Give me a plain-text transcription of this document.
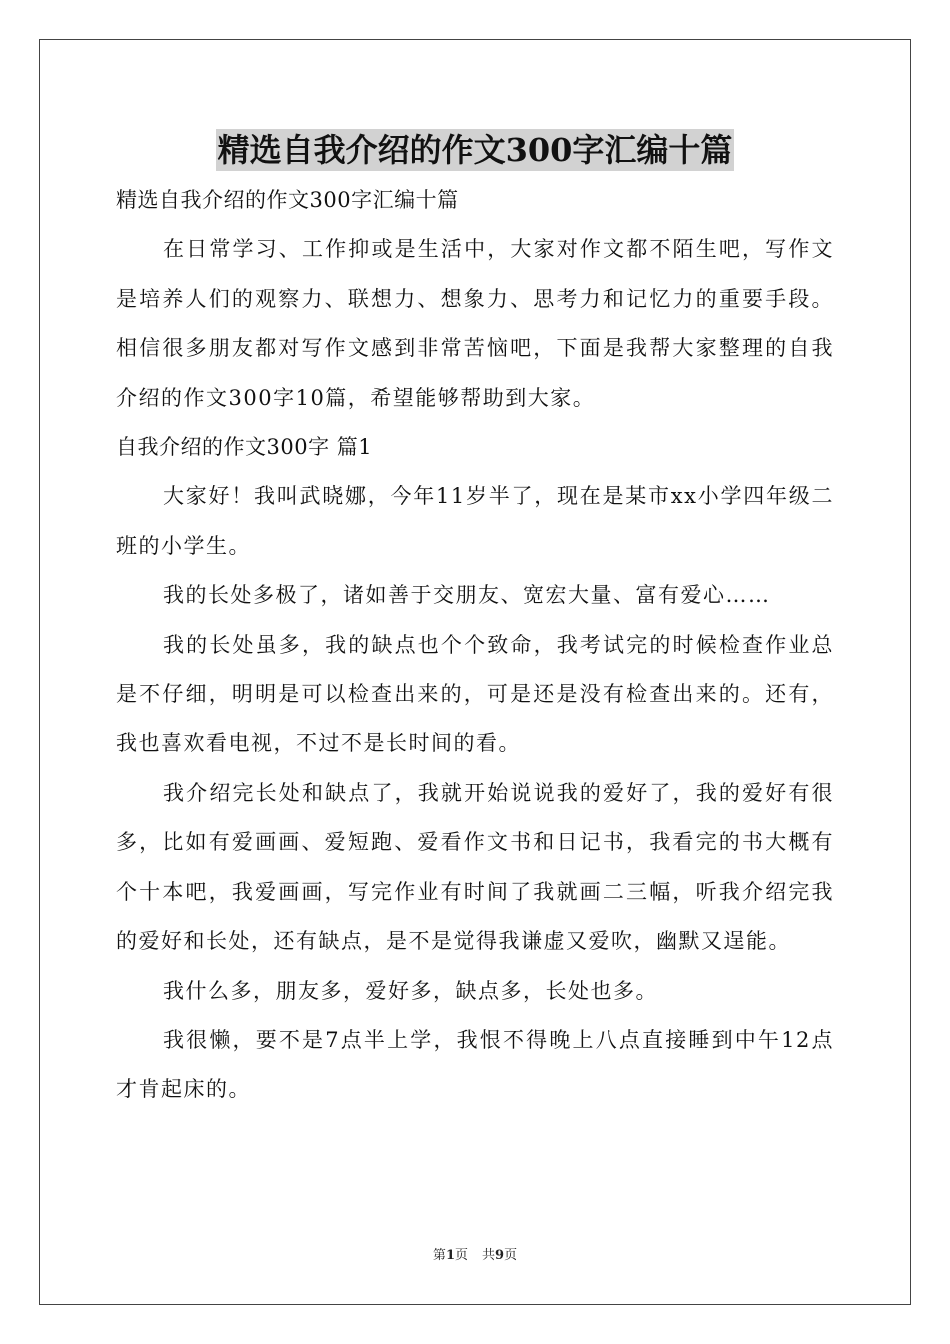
精选自我介绍的作文300字汇编十篇

精选自我介绍的作文300字汇编十篇

在日常学习、工作抑或是生活中，大家对作文都不陌生吧，写作文是培养人们的观察力、联想力、想象力、思考力和记忆力的重要手段。相信很多朋友都对写作文感到非常苦恼吧，下面是我帮大家整理的自我介绍的作文300字10篇，希望能够帮助到大家。

自我介绍的作文300字 篇1

大家好！我叫武晓娜，今年11岁半了，现在是某市xx小学四年级二班的小学生。

我的长处多极了，诸如善于交朋友、宽宏大量、富有爱心……

我的长处虽多，我的缺点也个个致命，我考试完的时候检查作业总是不仔细，明明是可以检查出来的，可是还是没有检查出来的。还有，我也喜欢看电视，不过不是长时间的看。

我介绍完长处和缺点了，我就开始说说我的爱好了，我的爱好有很多，比如有爱画画、爱短跑、爱看作文书和日记书，我看完的书大概有个十本吧，我爱画画，写完作业有时间了我就画二三幅，听我介绍完我的爱好和长处，还有缺点，是不是觉得我谦虚又爱吹，幽默又逞能。

我什么多，朋友多，爱好多，缺点多，长处也多。

我很懒，要不是7点半上学，我恨不得晚上八点直接睡到中午12点才肯起床的。

第1页 共9页
